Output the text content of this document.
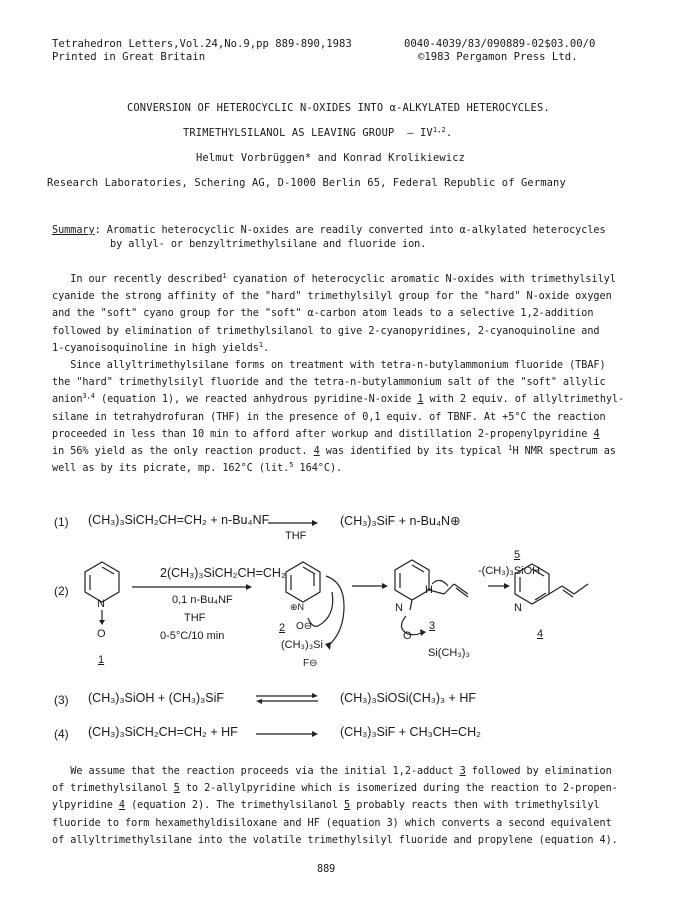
Tetrahedron Letters,Vol.24,No.9,pp 889-890,1983
Printed in Great Britain
0040-4039/83/090889-02$03.00/0
©1983 Pergamon Press Ltd.
CONVERSION OF HETEROCYCLIC N-OXIDES INTO α-ALKYLATED HETEROCYCLES.
TRIMETHYLSILANOL AS LEAVING GROUP — IV$^{1,2}$.
Helmut Vorbrüggen* and Konrad Krolikiewicz
Research Laboratories, Schering AG, D-1000 Berlin 65, Federal Republic of Germany
Summary: Aromatic heterocyclic N-oxides are readily converted into α-alkylated heterocycles
by allyl- or benzyltrimethylsilane and fluoride ion.
In our recently described$^1$ cyanation of heterocyclic aromatic N-oxides with trimethylsilyl
cyanide the strong affinity of the "hard" trimethylsilyl group for the "hard" N-oxide oxygen
and the "soft" cyano group for the "soft" α-carbon atom leads to a selective 1,2-addition
followed by elimination of trimethylsilanol to give 2-cyanopyridines, 2-cyanoquinoline and
1-cyanoisoquinoline in high yields$^1$.
Since allyltrimethylsilane forms on treatment with tetra-n-butylammonium fluoride (TBAF)
the "hard" trimethylsilyl fluoride and the tetra-n-butylammonium salt of the "soft" allylic
anion$^{3,4}$ (equation 1), we reacted anhydrous pyridine-N-oxide 1 with 2 equiv. of allyltrimethyl-
silane in tetrahydrofuran (THF) in the presence of 0,1 equiv. of TBNF. At +5°C the reaction
proceeded in less than 10 min to afford after workup and distillation 2-propenylpyridine 4
in 56% yield as the only reaction product. 4 was identified by its typical $^1$H NMR spectrum as
well as by its picrate, mp. 162°C (lit.$^5$ 164°C).
(1) (CH₃)₃SiCH₂CH=CH₂ + n-Bu₄NF
THF
(CH₃)₃SiF + n-Bu₄N⊕
(2)
N
O
1
2(CH₃)₃SiCH₂CH=CH₂
0,1 n-Bu₄NF
THF
0-5°C/10 min
⊕N
2 O⊖
(CH₃)₃Si
F⊖
N
H
O
Si(CH₃)₃
3
5
-(CH₃)₃SiOH
N
4
(3) (CH₃)₃SiOH + (CH₃)₃SiF ⇌ (CH₃)₃SiOSi(CH₃)₃ + HF
(4) (CH₃)₃SiCH₂CH=CH₂ + HF → (CH₃)₃SiF + CH₃CH=CH₂
We assume that the reaction proceeds via the initial 1,2-adduct 3 followed by elimination
of trimethylsilanol 5 to 2-allylpyridine which is isomerized during the reaction to 2-propen-
ylpyridine 4 (equation 2). The trimethylsilanol 5 probably reacts then with trimethylsilyl
fluoride to form hexamethyldisiloxane and HF (equation 3) which converts a second equivalent
of allyltrimethylsilane into the volatile trimethylsilyl fluoride and propylene (equation 4).
889
